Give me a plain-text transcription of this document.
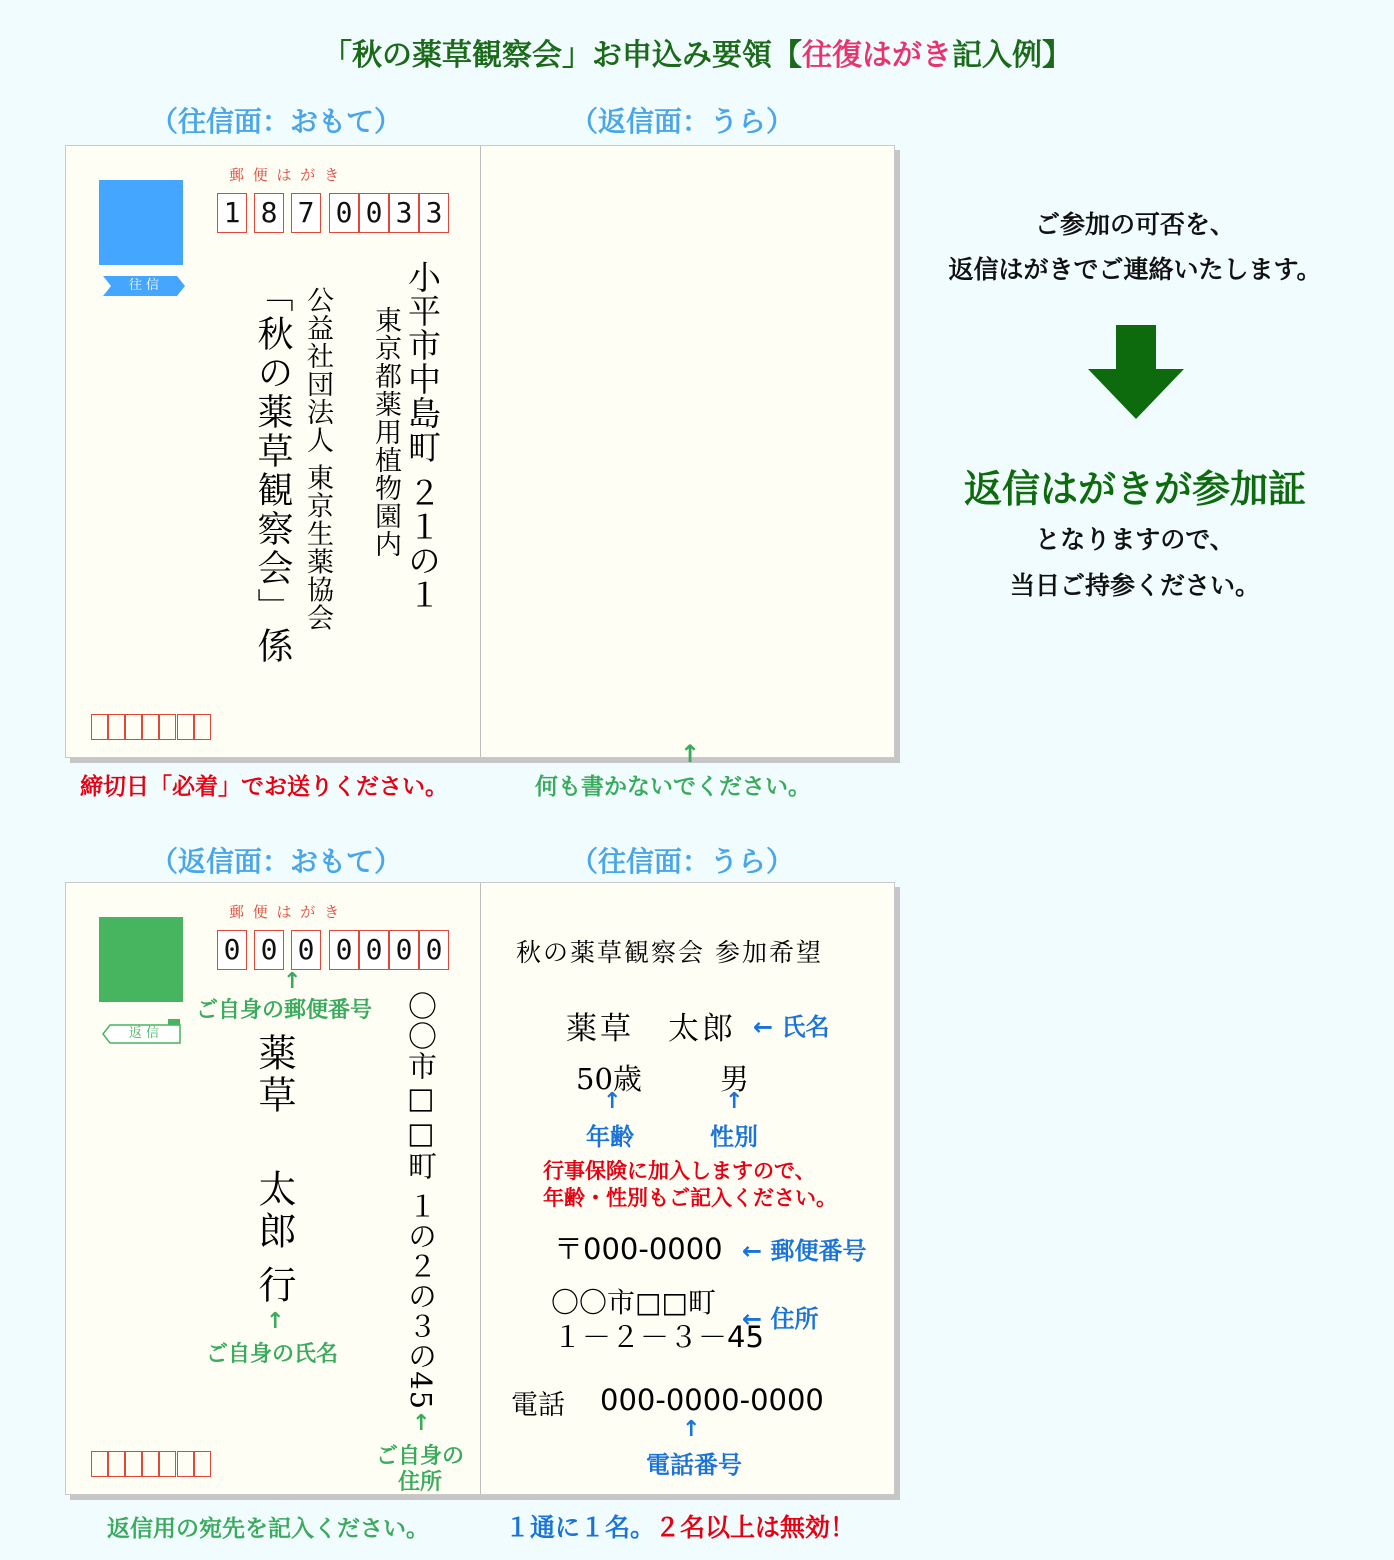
「秋の薬草観察会」お申込み要領【往復はがき記入例】
（往信面：おもて）	（返信面：うら）
往 信
郵 便 は が き
1 8 7 0 0 3 3
小平市中島町 ２１の１
東京都薬用植物園内
公益社団法人 東京生薬協会
「秋の薬草観察会」係
↑
締切日「必着」でお送りください。	何も書かないでください。
ご参加の可否を、
返信はがきでご連絡いたします。
返信はがきが参加証
となりますので、
当日ご持参ください。
（返信面：おもて）	（往信面：うら）
返 信
郵 便 は が き
0 0 0 0 0 0 0
↑
ご自身の郵便番号
薬草
太郎
行
↑
ご自身の氏名 〇〇市□□町 １の２の３の45
↑
ご自身の
住所
秋の薬草観察会 参加希望
薬草　太郎 ← 氏名
50歳	男
↑	↑
年齢	性別
行事保険に加入しますので、
年齢・性別もご記入ください。
〒000-0000 ← 郵便番号
〇〇市□□町
１－２－３－45
← 住所
電話 000-0000-0000
↑
電話番号
返信用の宛先を記入ください。	１通に１名。２名以上は無効！
